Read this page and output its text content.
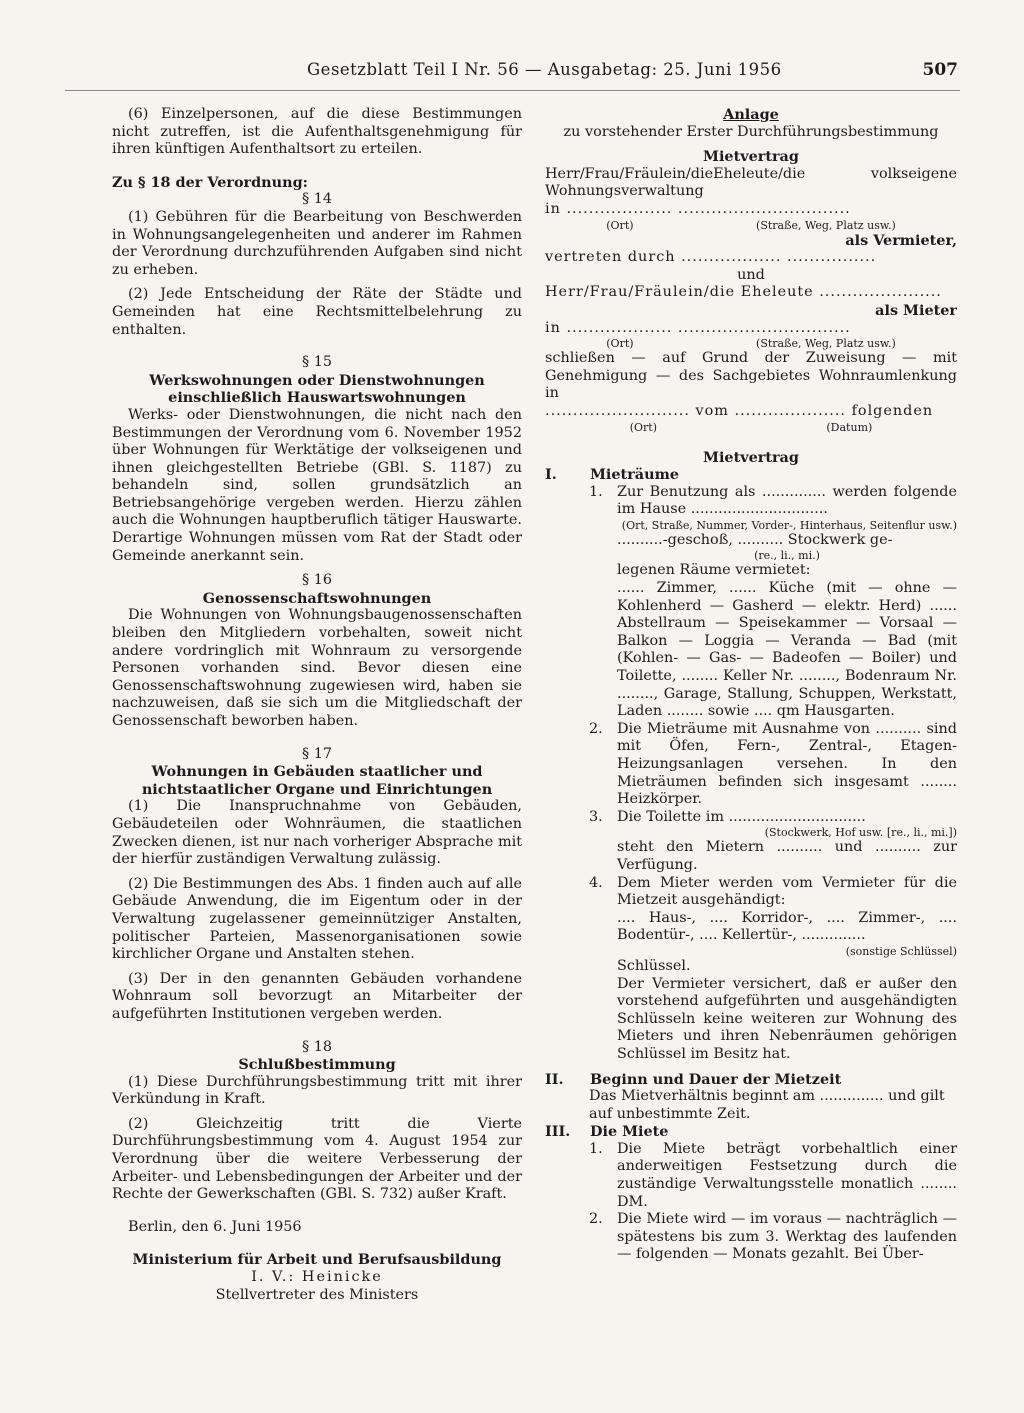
Gesetzblatt Teil I Nr. 56 — Ausgabetag: 25. Juni 1956	507

(6) Einzelpersonen, auf die diese Bestimmungen nicht zutreffen, ist die Aufenthaltsgenehmigung für ihren künftigen Aufenthaltsort zu erteilen.

Zu § 18 der Verordnung:

§ 14

(1) Gebühren für die Bearbeitung von Beschwerden in Wohnungsangelegenheiten und anderer im Rahmen der Verordnung durchzuführenden Aufgaben sind nicht zu erheben.

(2) Jede Entscheidung der Räte der Städte und Gemeinden hat eine Rechtsmittelbelehrung zu enthalten.

§ 15

Werkswohnungen oder Dienstwohnungen einschließlich Hauswartswohnungen

Werks- oder Dienstwohnungen, die nicht nach den Bestimmungen der Verordnung vom 6. November 1952 über Wohnungen für Werktätige der volkseigenen und ihnen gleichgestellten Betriebe (GBl. S. 1187) zu behandeln sind, sollen grundsätzlich an Betriebsangehörige vergeben werden. Hierzu zählen auch die Wohnungen hauptberuflich tätiger Hauswarte. Derartige Wohnungen müssen vom Rat der Stadt oder Gemeinde anerkannt sein.

§ 16

Genossenschaftswohnungen

Die Wohnungen von Wohnungsbaugenossenschaften bleiben den Mitgliedern vorbehalten, soweit nicht andere vordringlich mit Wohnraum zu versorgende Personen vorhanden sind. Bevor diesen eine Genossenschaftswohnung zugewiesen wird, haben sie nachzuweisen, daß sie sich um die Mitgliedschaft der Genossenschaft beworben haben.

§ 17

Wohnungen in Gebäuden staatlicher und nichtstaatlicher Organe und Einrichtungen

(1) Die Inanspruchnahme von Gebäuden, Gebäudeteilen oder Wohnräumen, die staatlichen Zwecken dienen, ist nur nach vorheriger Absprache mit der hierfür zuständigen Verwaltung zulässig.

(2) Die Bestimmungen des Abs. 1 finden auch auf alle Gebäude Anwendung, die im Eigentum oder in der Verwaltung zugelassener gemeinnütziger Anstalten, politischer Parteien, Massenorganisationen sowie kirchlicher Organe und Anstalten stehen.

(3) Der in den genannten Gebäuden vorhandene Wohnraum soll bevorzugt an Mitarbeiter der aufgeführten Institutionen vergeben werden.

§ 18

Schlußbestimmung

(1) Diese Durchführungsbestimmung tritt mit ihrer Verkündung in Kraft.

(2) Gleichzeitig tritt die Vierte Durchführungsbestimmung vom 4. August 1954 zur Verordnung über die weitere Verbesserung der Arbeiter- und Lebensbedingungen der Arbeiter und der Rechte der Gewerkschaften (GBl. S. 732) außer Kraft.

Berlin, den 6. Juni 1956

Ministerium für Arbeit und Berufsausbildung

I. V.: Heinicke

Stellvertreter des Ministers

Anlage

zu vorstehender Erster Durchführungsbestimmung

Mietvertrag

Herr/Frau/Fräulein/dieEheleute/die volkseigene Wohnungsverwaltung

in ................... ...............................

(Ort)	(Straße, Weg, Platz usw.)

als Vermieter,

vertreten durch .................. ................

und

Herr/Frau/Fräulein/die Eheleute ......................

als Mieter

in ................... ...............................

(Ort)	(Straße, Weg, Platz usw.)

schließen — auf Grund der Zuweisung — mit Genehmigung — des Sachgebietes Wohnraumlenkung in

.......................... vom .................... folgenden

(Ort)	(Datum)

Mietvertrag

I.	Mieträume
1. Zur Benutzung als .............. werden folgende im Hause ..............................

(Ort, Straße, Nummer, Vorder-, Hinterhaus, Seitenflur usw.)

..........-geschoß, .......... Stockwerk ge-

(re., li., mi.)

legenen Räume vermietet:

...... Zimmer, ...... Küche (mit — ohne — Kohlenherd — Gasherd — elektr. Herd) ...... Abstellraum — Speisekammer — Vorsaal — Balkon — Loggia — Veranda — Bad (mit (Kohlen- — Gas- — Badeofen — Boiler) und Toilette, ........ Keller Nr. ........, Bodenraum Nr. ........, Garage, Stallung, Schuppen, Werkstatt, Laden ........ sowie .... qm Hausgarten.

2. Die Mieträume mit Ausnahme von .......... sind mit Öfen, Fern-, Zentral-, Etagen-Heizungsanlagen versehen. In den Mieträumen befinden sich insgesamt ........ Heizkörper.

3. Die Toilette im ..............................

(Stockwerk, Hof usw. [re., li., mi.])

steht den Mietern .......... und .......... zur Verfügung.

4. Dem Mieter werden vom Vermieter für die Mietzeit ausgehändigt:

.... Haus-, .... Korridor-, .... Zimmer-, .... Bodentür-, .... Kellertür-, ..............

(sonstige Schlüssel)

Schlüssel.

Der Vermieter versichert, daß er außer den vorstehend aufgeführten und ausgehändigten Schlüsseln keine weiteren zur Wohnung des Mieters und ihren Nebenräumen gehörigen Schlüssel im Besitz hat.

II.	Beginn und Dauer der Mietzeit

Das Mietverhältnis beginnt am .............. und gilt auf unbestimmte Zeit.

III.	Die Miete
1. Die Miete beträgt vorbehaltlich einer anderweitigen Festsetzung durch die zuständige Verwaltungsstelle monatlich ........ DM.

2. Die Miete wird — im voraus — nachträglich — spätestens bis zum 3. Werktag des laufenden — folgenden — Monats gezahlt. Bei Über-
